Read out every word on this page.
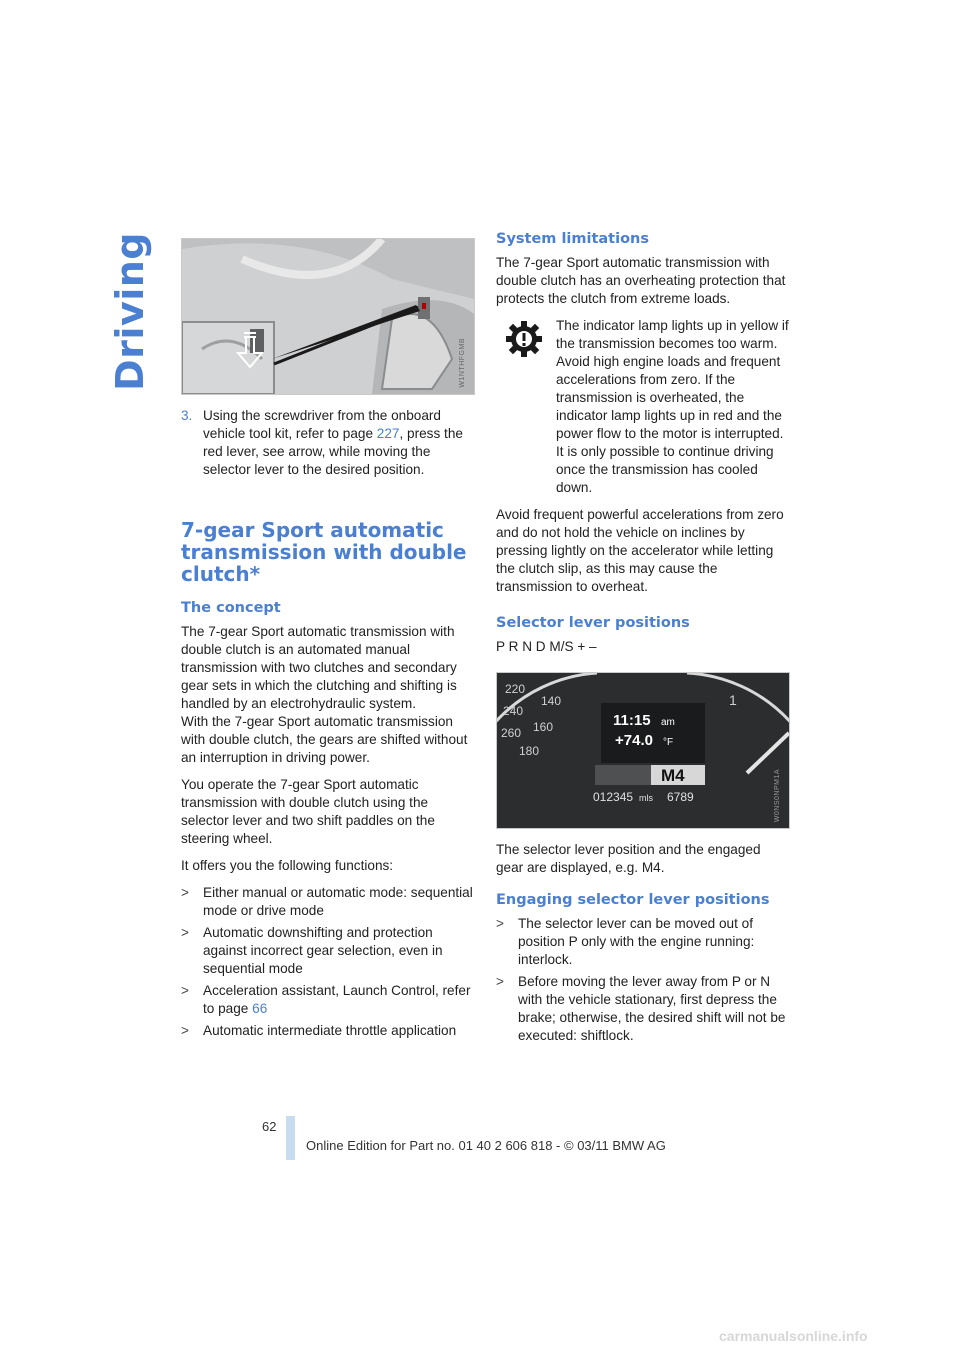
Driving	W1NTHFGMB
3. Using the screwdriver from the onboard vehicle tool kit, refer to page 227, press the red lever, see arrow, while moving the selector lever to the desired position.
7-gear Sport automatic transmission with double clutch*
The concept

The 7-gear Sport automatic transmission with double clutch is an automated manual transmission with two clutches and secondary gear sets in which the clutching and shifting is handled by an electrohydraulic system.

With the 7-gear Sport automatic transmission with double clutch, the gears are shifted without an interruption in driving power.

You operate the 7-gear Sport automatic transmission with double clutch using the selector lever and two shift paddles on the steering wheel.

It offers you the following functions:

>	Either manual or automatic mode: sequential mode or drive mode
>	Automatic downshifting and protection against incorrect gear selection, even in sequential mode
>	Acceleration assistant, Launch Control, refer to page 66
>	Automatic intermediate throttle application
System limitations

The 7-gear Sport automatic transmission with double clutch has an overheating protection that protects the clutch from extreme loads.

The indicator lamp lights up in yellow if the transmission becomes too warm. Avoid high engine loads and frequent accelerations from zero. If the transmission is overheated, the indicator lamp lights up in red and the power flow to the motor is interrupted. It is only possible to continue driving once the transmission has cooled down.

Avoid frequent powerful accelerations from zero and do not hold the vehicle on inclines by pressing lightly on the accelerator while letting the clutch slip, as this may cause the transmission to overheat.

Selector lever positions

P R N D M/S + –

220
240
260
140
160
180
1
11:15 am
+74.0 °F
M4
012345 mls 6789	W0NS0NPM1A

The selector lever position and the engaged gear are displayed, e.g. M4.

Engaging selector lever positions
>	The selector lever can be moved out of position P only with the engine running: interlock.
>	Before moving the lever away from P or N with the vehicle stationary, first depress the brake; otherwise, the desired shift will not be executed: shiftlock.
62
Online Edition for Part no. 01 40 2 606 818 - © 03/11 BMW AG
carmanualsonline.info
